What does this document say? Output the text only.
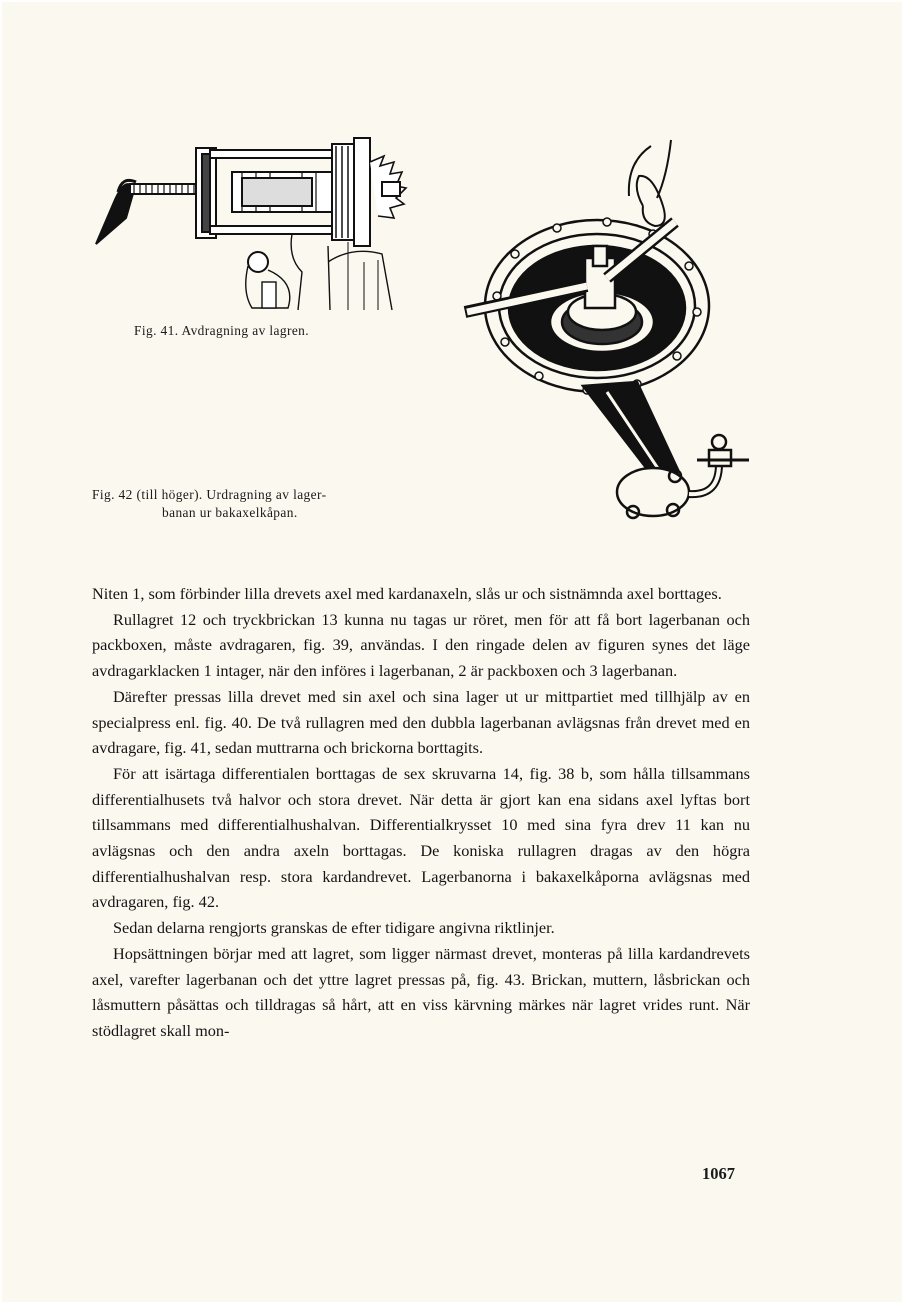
Fig. 41. Avdragning av lagren.
Fig. 42 (till höger). Urdragning av lager-
banan ur bakaxelkåpan.

Niten 1, som förbinder lilla drevets axel med kardanaxeln, slås ur och sistnämnda axel borttages.

Rullagret 12 och tryckbrickan 13 kunna nu tagas ur röret, men för att få bort lagerbanan och packboxen, måste avdragaren, fig. 39, användas. I den ringade delen av figuren synes det läge avdragarklacken 1 intager, när den införes i lagerbanan, 2 är packboxen och 3 lagerbanan.

Därefter pressas lilla drevet med sin axel och sina lager ut ur mittpartiet med tillhjälp av en specialpress enl. fig. 40. De två rullagren med den dubbla lagerbanan avlägsnas från drevet med en avdragare, fig. 41, sedan muttrarna och brickorna borttagits.

För att isärtaga differentialen borttagas de sex skruvarna 14, fig. 38 b, som hålla tillsammans differentialhusets två halvor och stora drevet. När detta är gjort kan ena sidans axel lyftas bort tillsammans med differentialhushalvan. Differentialkrysset 10 med sina fyra drev 11 kan nu avlägsnas och den andra axeln borttagas. De koniska rullagren dragas av den högra differentialhushalvan resp. stora kardandrevet. Lagerbanorna i bakaxelkåporna avlägsnas med avdragaren, fig. 42.

Sedan delarna rengjorts granskas de efter tidigare angivna riktlinjer.

Hopsättningen börjar med att lagret, som ligger närmast drevet, monteras på lilla kardandrevets axel, varefter lagerbanan och det yttre lagret pressas på, fig. 43. Brickan, muttern, låsbrickan och låsmuttern påsättas och tilldragas så hårt, att en viss kärvning märkes när lagret vrides runt. När stödlagret skall mon-

1067
